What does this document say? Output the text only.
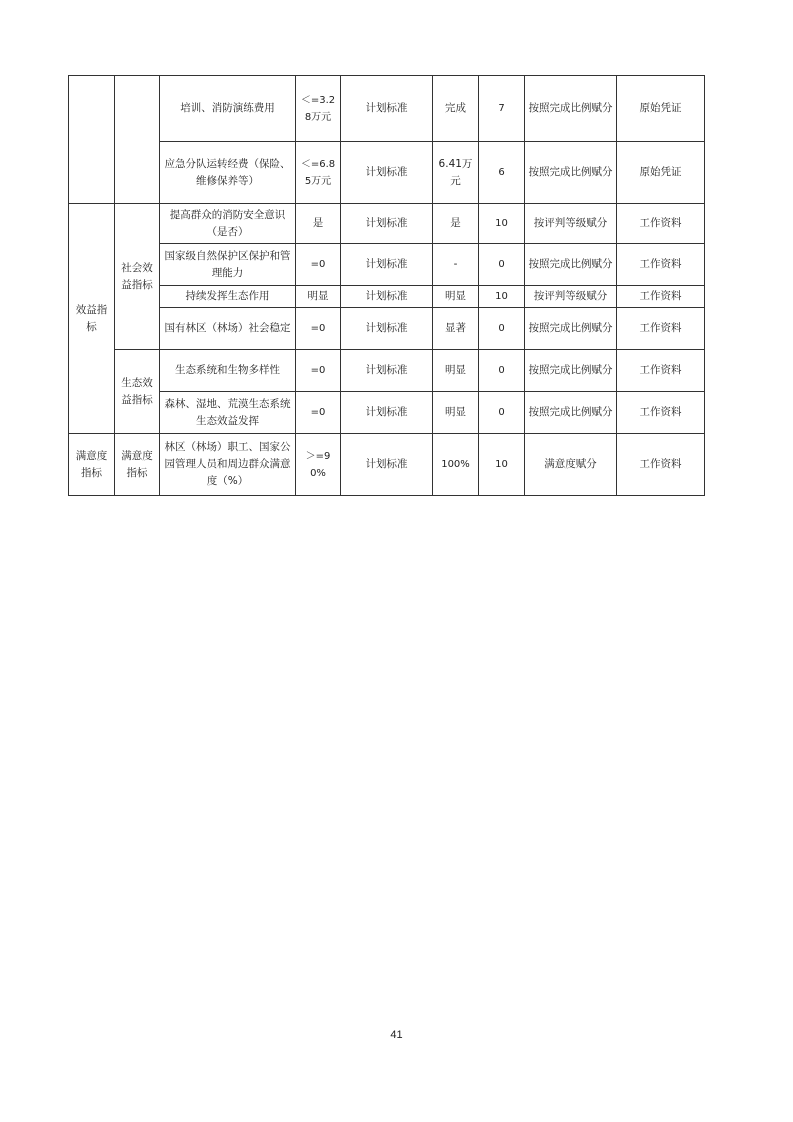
		培训、消防演练费用	＜=3.28万元	计划标准	完成	7	按照完成比例赋分	原始凭证
		应急分队运转经费（保险、维修保养等）	＜=6.85万元	计划标准	6.41万元	6	按照完成比例赋分	原始凭证
效益指标	社会效益指标	提高群众的消防安全意识（是否）	是	计划标准	是	10	按评判等级赋分	工作资料
		国家级自然保护区保护和管理能力	=0	计划标准	-	0	按照完成比例赋分	工作资料
		持续发挥生态作用	明显	计划标准	明显	10	按评判等级赋分	工作资料
		国有林区（林场）社会稳定	=0	计划标准	显著	0	按照完成比例赋分	工作资料
	生态效益指标	生态系统和生物多样性	=0	计划标准	明显	0	按照完成比例赋分	工作资料
		森林、湿地、荒漠生态系统生态效益发挥	=0	计划标准	明显	0	按照完成比例赋分	工作资料
满意度指标	满意度指标	林区（林场）职工、国家公园管理人员和周边群众满意度（%）	＞=90%	计划标准	100%	10	满意度赋分	工作资料
41
